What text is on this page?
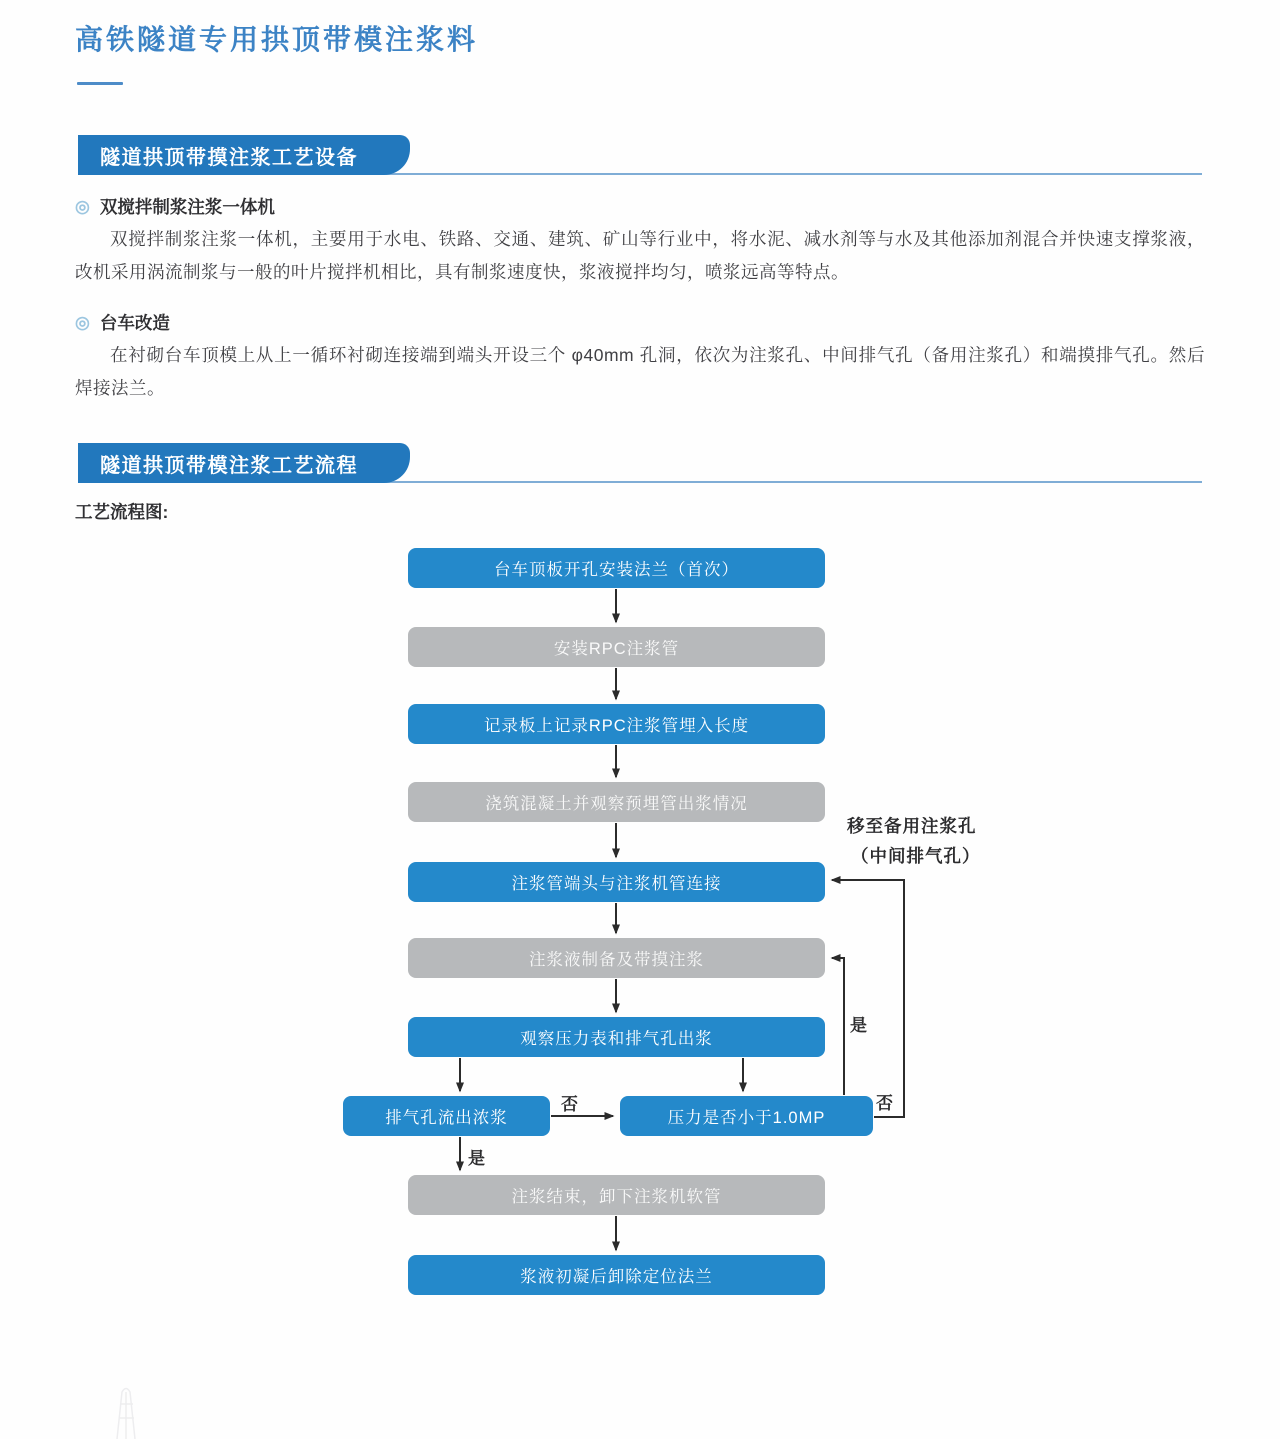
高铁隧道专用拱顶带模注浆料
隧道拱顶带摸注浆工艺设备
◎ 双搅拌制浆注浆一体机

双搅拌制浆注浆一体机，主要用于水电、铁路、交通、建筑、矿山等行业中，将水泥、减水剂等与水及其他添加剂混合并快速支撑浆液，改机采用涡流制浆与一般的叶片搅拌机相比，具有制浆速度快，浆液搅拌均匀，喷浆远高等特点。

◎ 台车改造

在衬砌台车顶模上从上一循环衬砌连接端到端头开设三个 φ40mm 孔洞，依次为注浆孔、中间排气孔（备用注浆孔）和端摸排气孔。然后焊接法兰。

隧道拱顶带模注浆工艺流程
工艺流程图:
台车顶板开孔安装法兰（首次）
安装RPC注浆管
记录板上记录RPC注浆管埋入长度
浇筑混凝土并观察预埋管出浆情况
注浆管端头与注浆机管连接
注浆液制备及带摸注浆
观察压力表和排气孔出浆
排气孔流出浓浆	压力是否小于1.0MP
注浆结束，卸下注浆机软管
浆液初凝后卸除定位法兰
是
否
是
否
移至备用注浆孔
（中间排气孔）
